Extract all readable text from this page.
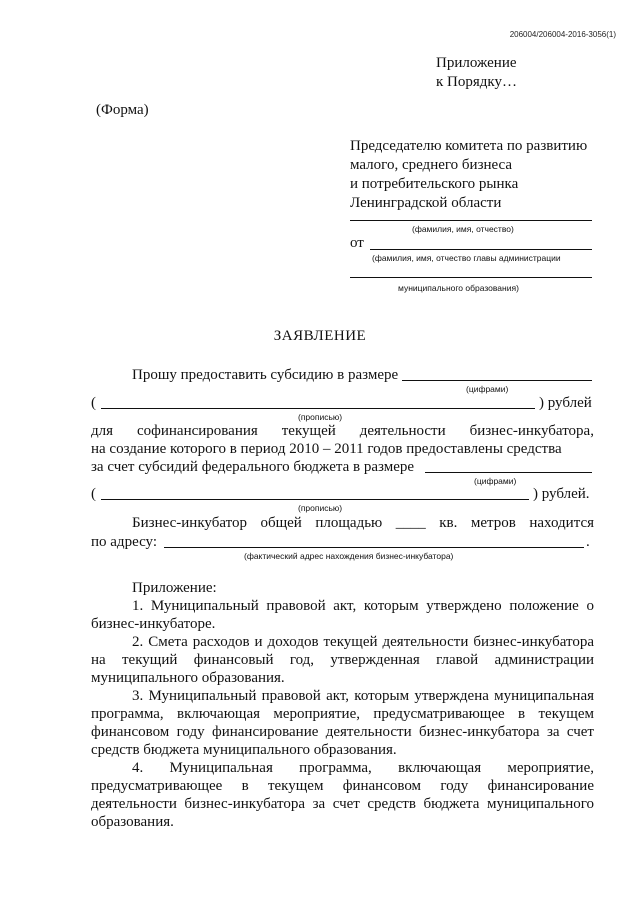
206004/206004-2016-3056(1)
Приложение
к Порядку…
(Форма)
Председателю комитета по развитию
малого, среднего бизнеса
и потребительского рынка
Ленинградской области
(фамилия, имя, отчество)
от
(фамилия, имя, отчество главы администрации
муниципального образования)
ЗАЯВЛЕНИЕ
Прошу предоставить субсидию в размере
(цифрами)
(	) рублей
(прописью)
для софинансирования текущей деятельности бизнес-инкубатора,
на создание которого в период 2010 – 2011 годов предоставлены средства
за счет субсидий федерального бюджета в размере
(цифрами)
(	) рублей.
(прописью)
Бизнес-инкубатор общей площадью ____ кв. метров находится
по адресу:	.
(фактический адрес нахождения бизнес-инкубатора)
Приложение:
1. Муниципальный правовой акт, которым утверждено положение о бизнес-инкубаторе.
2. Смета расходов и доходов текущей деятельности бизнес-инкубатора на текущий финансовый год, утвержденная главой администрации муниципального образования.
3. Муниципальный правовой акт, которым утверждена муниципальная программа, включающая мероприятие, предусматривающее в текущем финансовом году финансирование деятельности бизнес-инкубатора за счет средств бюджета муниципального образования.
4. Муниципальная программа, включающая мероприятие, предусматривающее в текущем финансовом году финансирование деятельности бизнес-инкубатора за счет средств бюджета муниципального образования.
